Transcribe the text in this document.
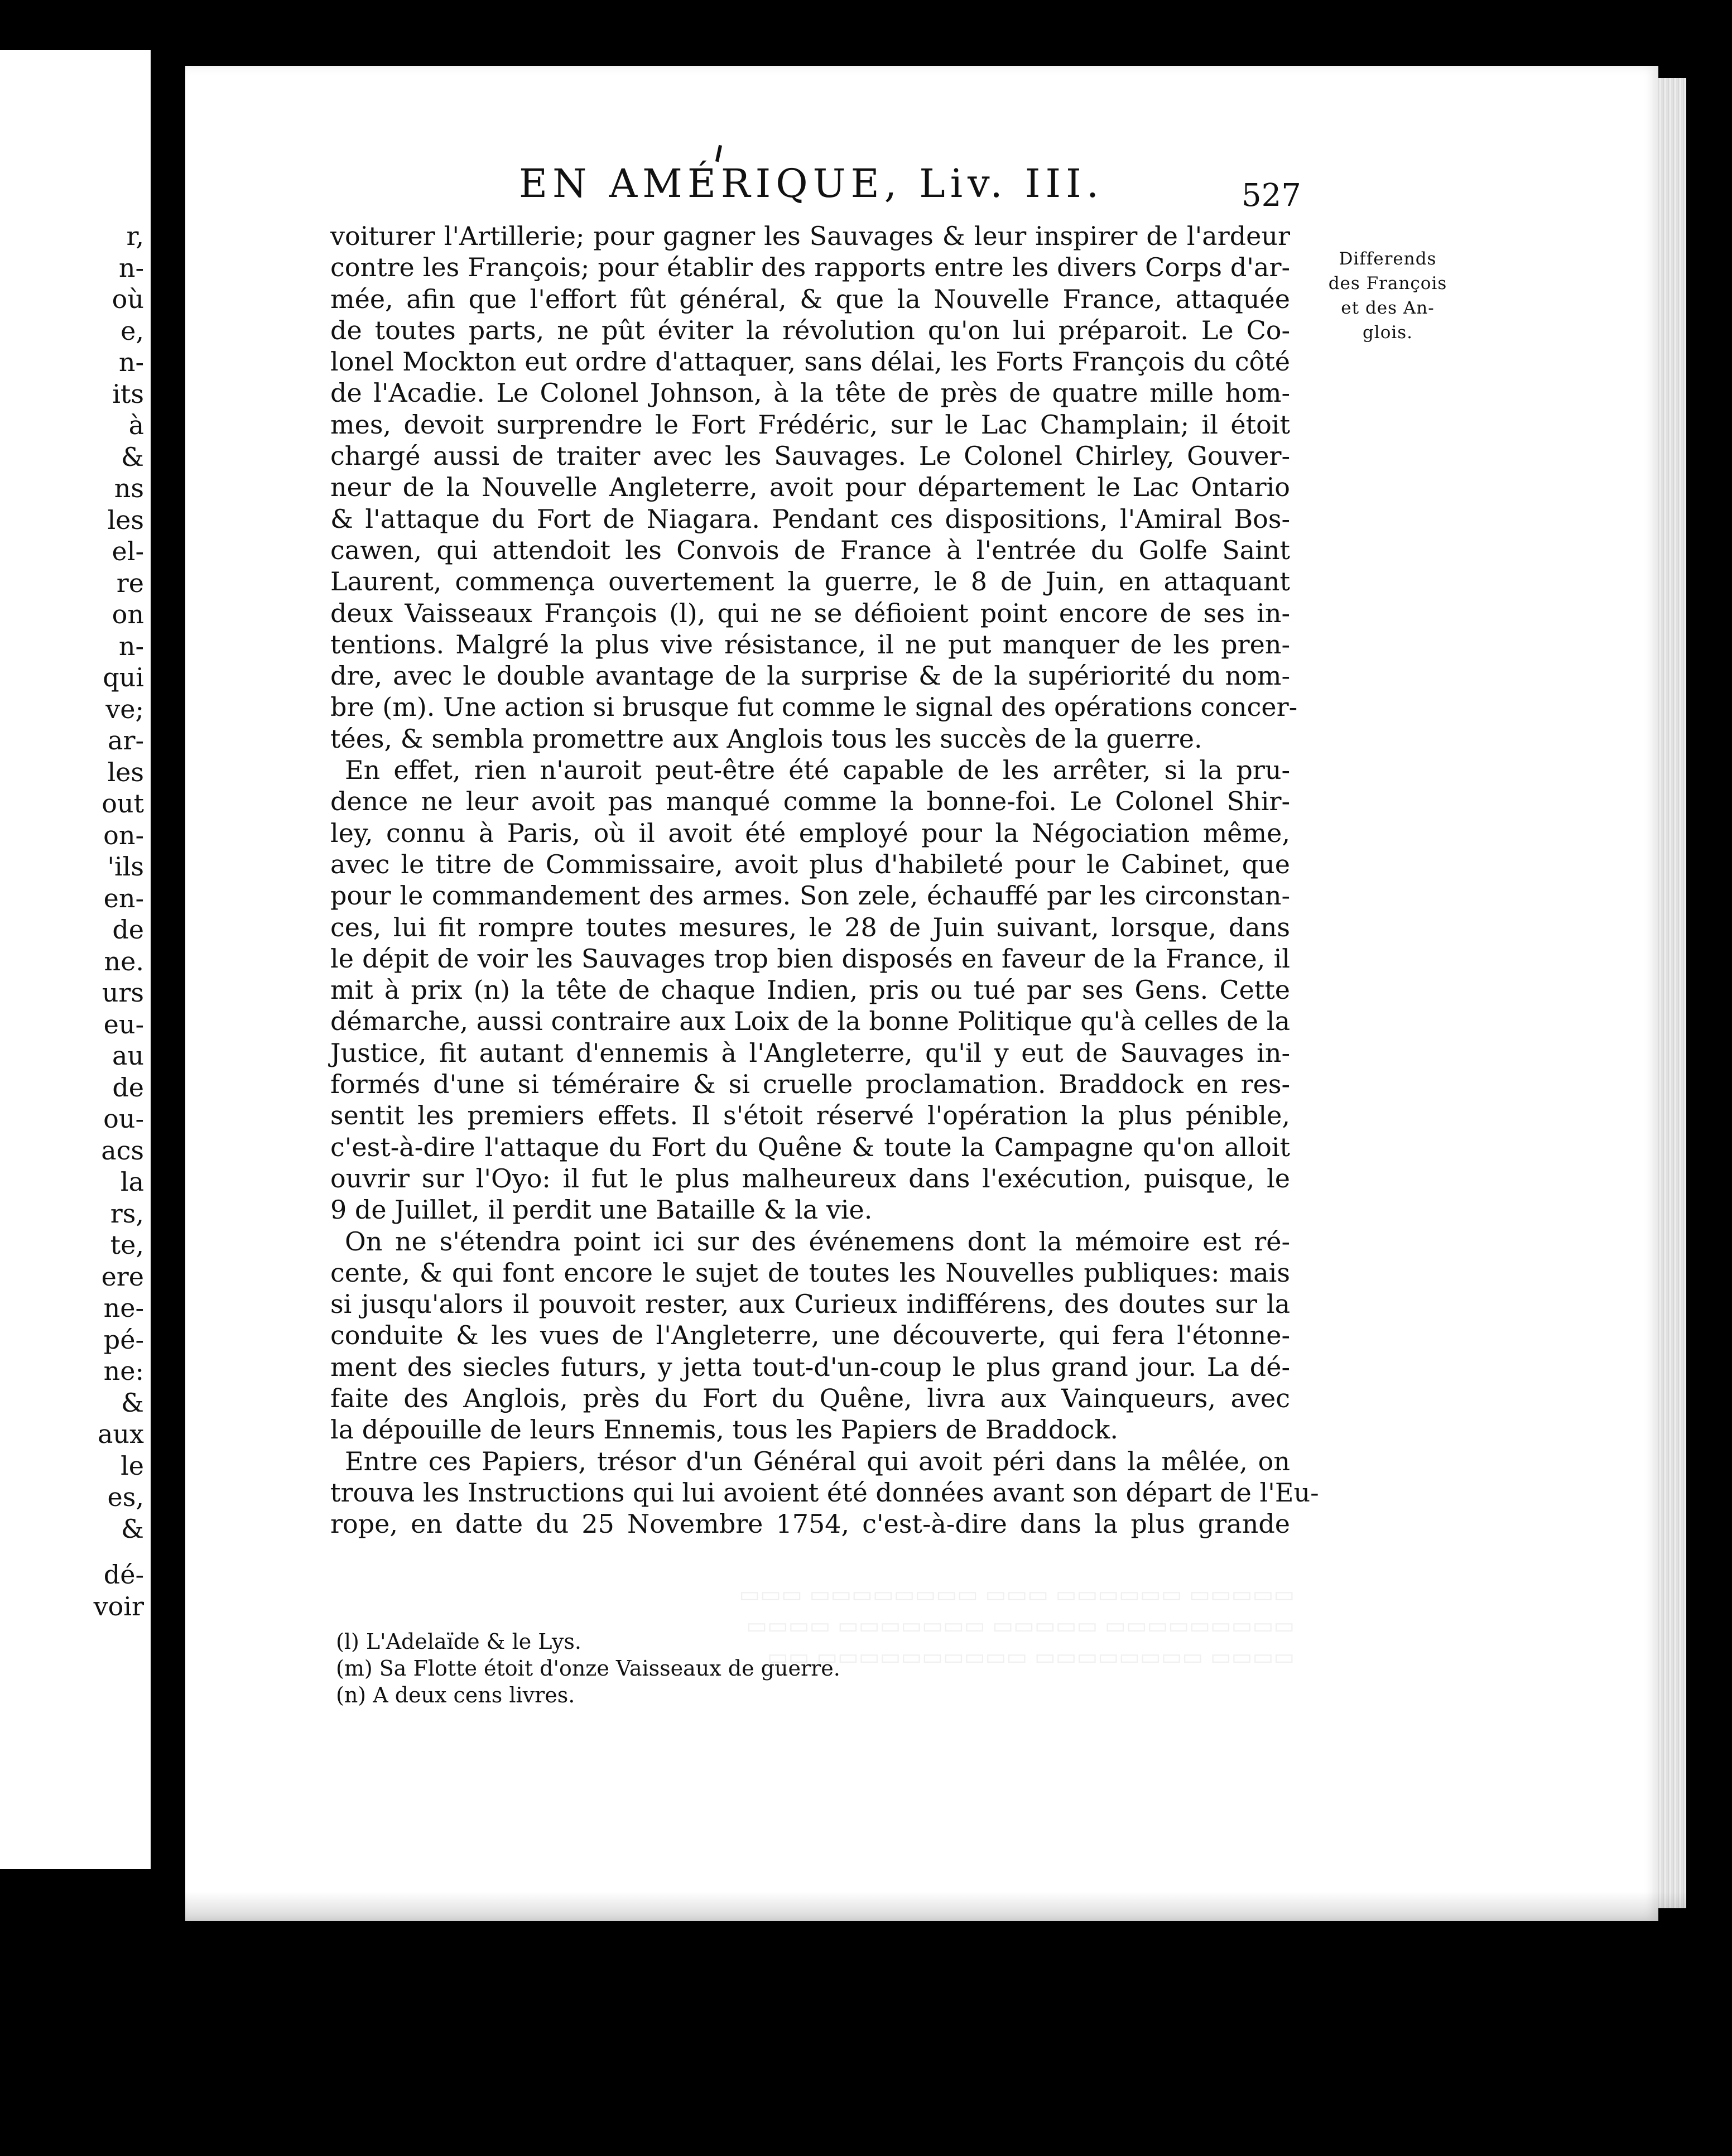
r,
n-
où
e,
n-
its
à
&
ns
les
el-
re
on
n-
qui
ve;
ar-
les
out
on-
'ils
en-
de
ne.
urs
eu-
au
de
ou-
acs
la
rs,
te,
ere
ne-
pé-
ne:
&
aux
le
es,
&
dé-
voir	▭▭▭▭▭ ▭▭▭▭▭▭ ▭▭▭ ▭▭▭▭▭▭▭▭ ▭▭▭
▭▭▭▭▭▭▭▭▭ ▭▭▭▭▭ ▭▭▭▭▭▭▭ ▭▭▭▭
▭▭▭▭ ▭▭▭▭▭▭▭▭ ▭▭▭▭▭▭▭▭▭▭ ▭▭
EN AMÉRIQUE, Liv. III.	527
Differends
des François
et des An-
glois.
voiturer l'Artillerie; pour gagner les Sauvages & leur inspirer de l'ardeur
contre les François; pour établir des rapports entre les divers Corps d'ar-
mée, afin que l'effort fût général, & que la Nouvelle France, attaquée
de toutes parts, ne pût éviter la révolution qu'on lui préparoit. Le Co-
lonel Mockton eut ordre d'attaquer, sans délai, les Forts François du côté
de l'Acadie. Le Colonel Johnson, à la tête de près de quatre mille hom-
mes, devoit surprendre le Fort Frédéric, sur le Lac Champlain; il étoit
chargé aussi de traiter avec les Sauvages. Le Colonel Chirley, Gouver-
neur de la Nouvelle Angleterre, avoit pour département le Lac Ontario
& l'attaque du Fort de Niagara. Pendant ces dispositions, l'Amiral Bos-
cawen, qui attendoit les Convois de France à l'entrée du Golfe Saint
Laurent, commença ouvertement la guerre, le 8 de Juin, en attaquant
deux Vaisseaux François (l), qui ne se défioient point encore de ses in-
tentions. Malgré la plus vive résistance, il ne put manquer de les pren-
dre, avec le double avantage de la surprise & de la supériorité du nom-
bre (m). Une action si brusque fut comme le signal des opérations concer-
tées, & sembla promettre aux Anglois tous les succès de la guerre.
En effet, rien n'auroit peut-être été capable de les arrêter, si la pru-
dence ne leur avoit pas manqué comme la bonne-foi. Le Colonel Shir-
ley, connu à Paris, où il avoit été employé pour la Négociation même,
avec le titre de Commissaire, avoit plus d'habileté pour le Cabinet, que
pour le commandement des armes. Son zele, échauffé par les circonstan-
ces, lui fit rompre toutes mesures, le 28 de Juin suivant, lorsque, dans
le dépit de voir les Sauvages trop bien disposés en faveur de la France, il
mit à prix (n) la tête de chaque Indien, pris ou tué par ses Gens. Cette
démarche, aussi contraire aux Loix de la bonne Politique qu'à celles de la
Justice, fit autant d'ennemis à l'Angleterre, qu'il y eut de Sauvages in-
formés d'une si téméraire & si cruelle proclamation. Braddock en res-
sentit les premiers effets. Il s'étoit réservé l'opération la plus pénible,
c'est-à-dire l'attaque du Fort du Quêne & toute la Campagne qu'on alloit
ouvrir sur l'Oyo: il fut le plus malheureux dans l'exécution, puisque, le
9 de Juillet, il perdit une Bataille & la vie.
On ne s'étendra point ici sur des événemens dont la mémoire est ré-
cente, & qui font encore le sujet de toutes les Nouvelles publiques: mais
si jusqu'alors il pouvoit rester, aux Curieux indifférens, des doutes sur la
conduite & les vues de l'Angleterre, une découverte, qui fera l'étonne-
ment des siecles futurs, y jetta tout-d'un-coup le plus grand jour. La dé-
faite des Anglois, près du Fort du Quêne, livra aux Vainqueurs, avec
la dépouille de leurs Ennemis, tous les Papiers de Braddock.
Entre ces Papiers, trésor d'un Général qui avoit péri dans la mêlée, on
trouva les Instructions qui lui avoient été données avant son départ de l'Eu-
rope, en datte du 25 Novembre 1754, c'est-à-dire dans la plus grande
(l) L'Adelaïde & le Lys.
(m) Sa Flotte étoit d'onze Vaisseaux de guerre.
(n) A deux cens livres.
